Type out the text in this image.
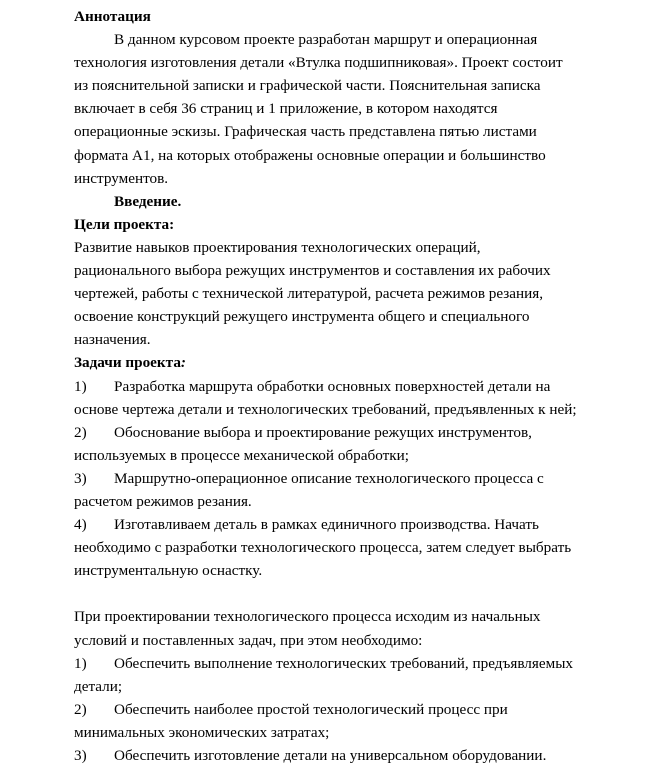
Аннотация
В данном курсовом проекте разработан маршрут и операционная
технология изготовления детали «Втулка подшипниковая». Проект состоит
из пояснительной записки и графической части. Пояснительная записка
включает в себя 36 страниц и 1 приложение, в котором находятся
операционные эскизы. Графическая часть представлена пятью листами
формата А1, на которых отображены основные операции и большинство
инструментов.
Введение.
Цели проекта:
Развитие навыков проектирования технологических операций,
рационального выбора режущих инструментов и составления их рабочих
чертежей, работы с технической литературой, расчета режимов резания,
освоение конструкций режущего инструмента общего и специального
назначения.
Задачи проекта:
1) Разработка маршрута обработки основных поверхностей детали на
основе чертежа детали и технологических требований, предъявленных к ней;
2) Обоснование выбора и проектирование режущих инструментов,
используемых в процессе механической обработки;
3) Маршрутно-операционное описание технологического процесса с
расчетом режимов резания.
4) Изготавливаем деталь в рамках единичного производства. Начать
необходимо с разработки технологического процесса, затем следует выбрать
инструментальную оснастку.
При проектировании технологического процесса исходим из начальных
условий и поставленных задач, при этом необходимо:
1) Обеспечить выполнение технологических требований, предъявляемых
детали;
2) Обеспечить наиболее простой технологический процесс при
минимальных экономических затратах;
3) Обеспечить изготовление детали на универсальном оборудовании.
